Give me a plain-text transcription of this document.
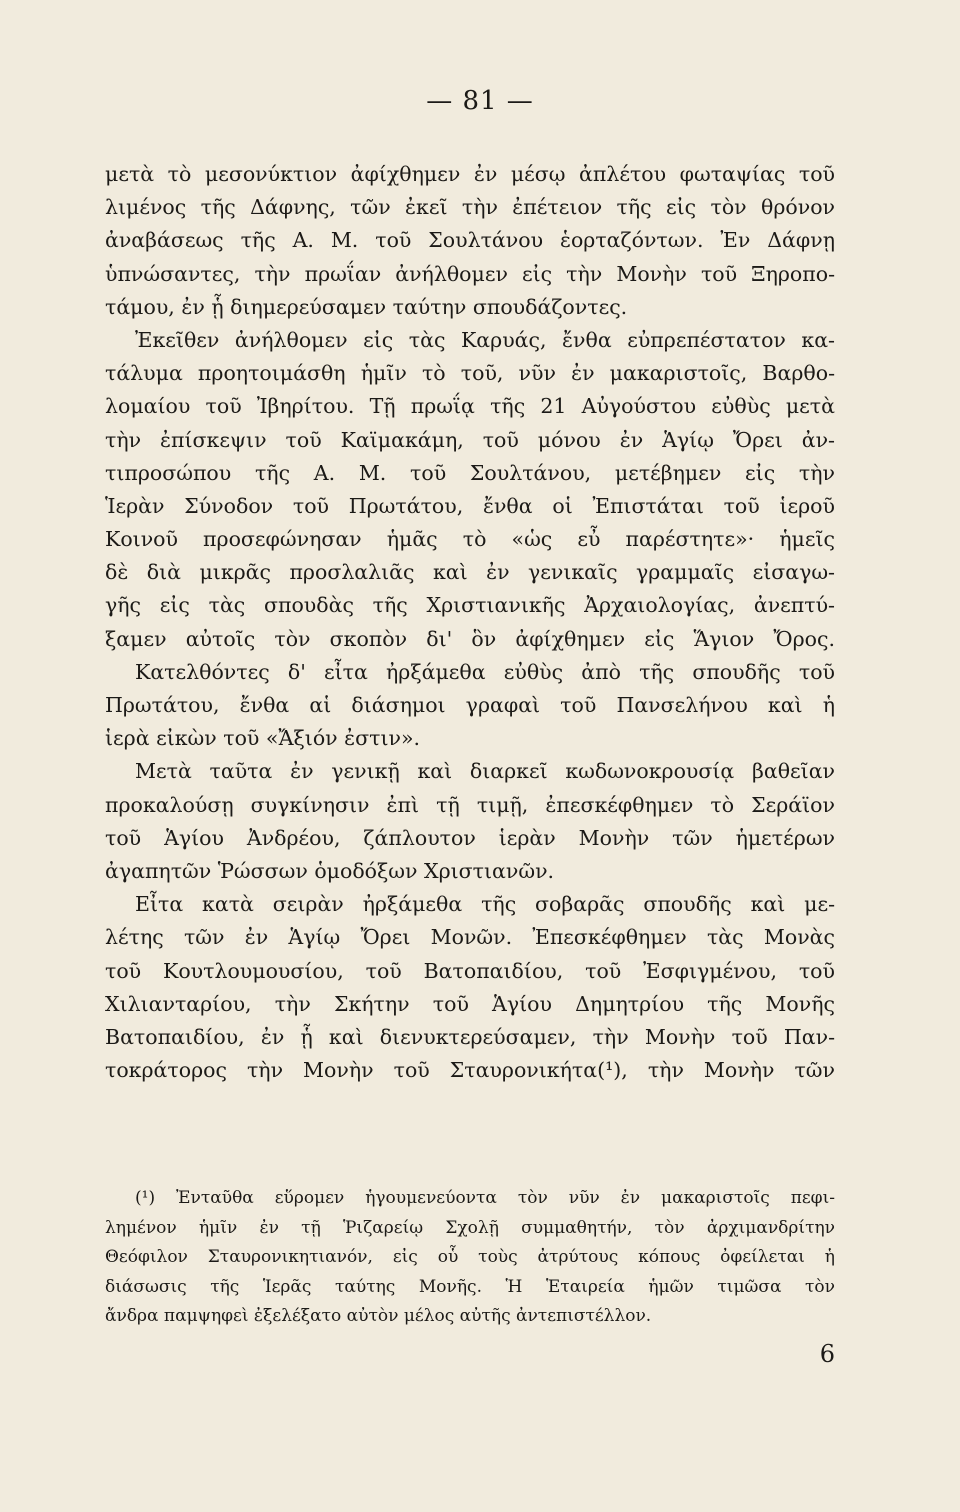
— 81 —
μετὰ τὸ μεσονύκτιον ἀφίχθημεν ἐν μέσῳ ἀπλέτου φωταψίας τοῦ
λιμένος τῆς Δάφνης, τῶν ἐκεῖ τὴν ἐπέτειον τῆς εἰς τὸν θρόνον
ἀναβάσεως τῆς Α. Μ. τοῦ Σουλτάνου ἑορταζόντων. Ἐν Δάφνῃ
ὑπνώσαντες, τὴν πρωΐαν ἀνήλθομεν εἰς τὴν Μονὴν τοῦ Ξηροπο-
τάμου, ἐν ᾗ διημερεύσαμεν ταύτην σπουδάζοντες.
Ἐκεῖθεν ἀνήλθομεν εἰς τὰς Καρυάς, ἔνθα εὐπρεπέστατον κα-
τάλυμα προητοιμάσθη ἡμῖν τὸ τοῦ, νῦν ἐν μακαριστοῖς, Βαρθο-
λομαίου τοῦ Ἰβηρίτου. Τῇ πρωΐᾳ τῆς 21 Αὐγούστου εὐθὺς μετὰ
τὴν ἐπίσκεψιν τοῦ Καϊμακάμη, τοῦ μόνου ἐν Ἁγίῳ Ὄρει ἀν-
τιπροσώπου τῆς Α. Μ. τοῦ Σουλτάνου, μετέβημεν εἰς τὴν
Ἱερὰν Σύνοδον τοῦ Πρωτάτου, ἔνθα οἱ Ἐπιστάται τοῦ ἱεροῦ
Κοινοῦ προσεφώνησαν ἡμᾶς τὸ «ὡς εὖ παρέστητε»· ἡμεῖς
δὲ διὰ μικρᾶς προσλαλιᾶς καὶ ἐν γενικαῖς γραμμαῖς εἰσαγω-
γῆς εἰς τὰς σπουδὰς τῆς Χριστιανικῆς Ἀρχαιολογίας, ἀνεπτύ-
ξαμεν αὐτοῖς τὸν σκοπὸν δι' ὃν ἀφίχθημεν εἰς Ἅγιον Ὄρος.
Κατελθόντες δ' εἶτα ἠρξάμεθα εὐθὺς ἀπὸ τῆς σπουδῆς τοῦ
Πρωτάτου, ἔνθα αἱ διάσημοι γραφαὶ τοῦ Πανσελήνου καὶ ἡ
ἱερὰ εἰκὼν τοῦ «Ἄξιόν ἐστιν».
Μετὰ ταῦτα ἐν γενικῇ καὶ διαρκεῖ κωδωνοκρουσίᾳ βαθεῖαν
προκαλούσῃ συγκίνησιν ἐπὶ τῇ τιμῇ, ἐπεσκέφθημεν τὸ Σεράϊον
τοῦ Ἁγίου Ἀνδρέου, ζάπλουτον ἱερὰν Μονὴν τῶν ἡμετέρων
ἀγαπητῶν Ῥώσσων ὁμοδόξων Χριστιανῶν.
Εἶτα κατὰ σειρὰν ἠρξάμεθα τῆς σοβαρᾶς σπουδῆς καὶ με-
λέτης τῶν ἐν Ἁγίῳ Ὄρει Μονῶν. Ἐπεσκέφθημεν τὰς Μονὰς
τοῦ Κουτλουμουσίου, τοῦ Βατοπαιδίου, τοῦ Ἐσφιγμένου, τοῦ
Χιλιανταρίου, τὴν Σκήτην τοῦ Ἁγίου Δημητρίου τῆς Μονῆς
Βατοπαιδίου, ἐν ᾗ καὶ διενυκτερεύσαμεν, τὴν Μονὴν τοῦ Παν-
τοκράτορος τὴν Μονὴν τοῦ Σταυρονικήτα(¹), τὴν Μονὴν τῶν
(¹) Ἐνταῦθα εὕρομεν ἡγουμενεύοντα τὸν νῦν ἐν μακαριστοῖς πεφι-
λημένον ἡμῖν ἐν τῇ Ῥιζαρείῳ Σχολῇ συμμαθητήν, τὸν ἀρχιμανδρίτην
Θεόφιλον Σταυρονικητιανόν, εἰς οὗ τοὺς ἀτρύτους κόπους ὀφείλεται ἡ
διάσωσις τῆς Ἱερᾶς ταύτης Μονῆς. Ἡ Ἑταιρεία ἡμῶν τιμῶσα τὸν
ἄνδρα παμψηφεὶ ἐξελέξατο αὐτὸν μέλος αὐτῆς ἀντεπιστέλλον.
6
